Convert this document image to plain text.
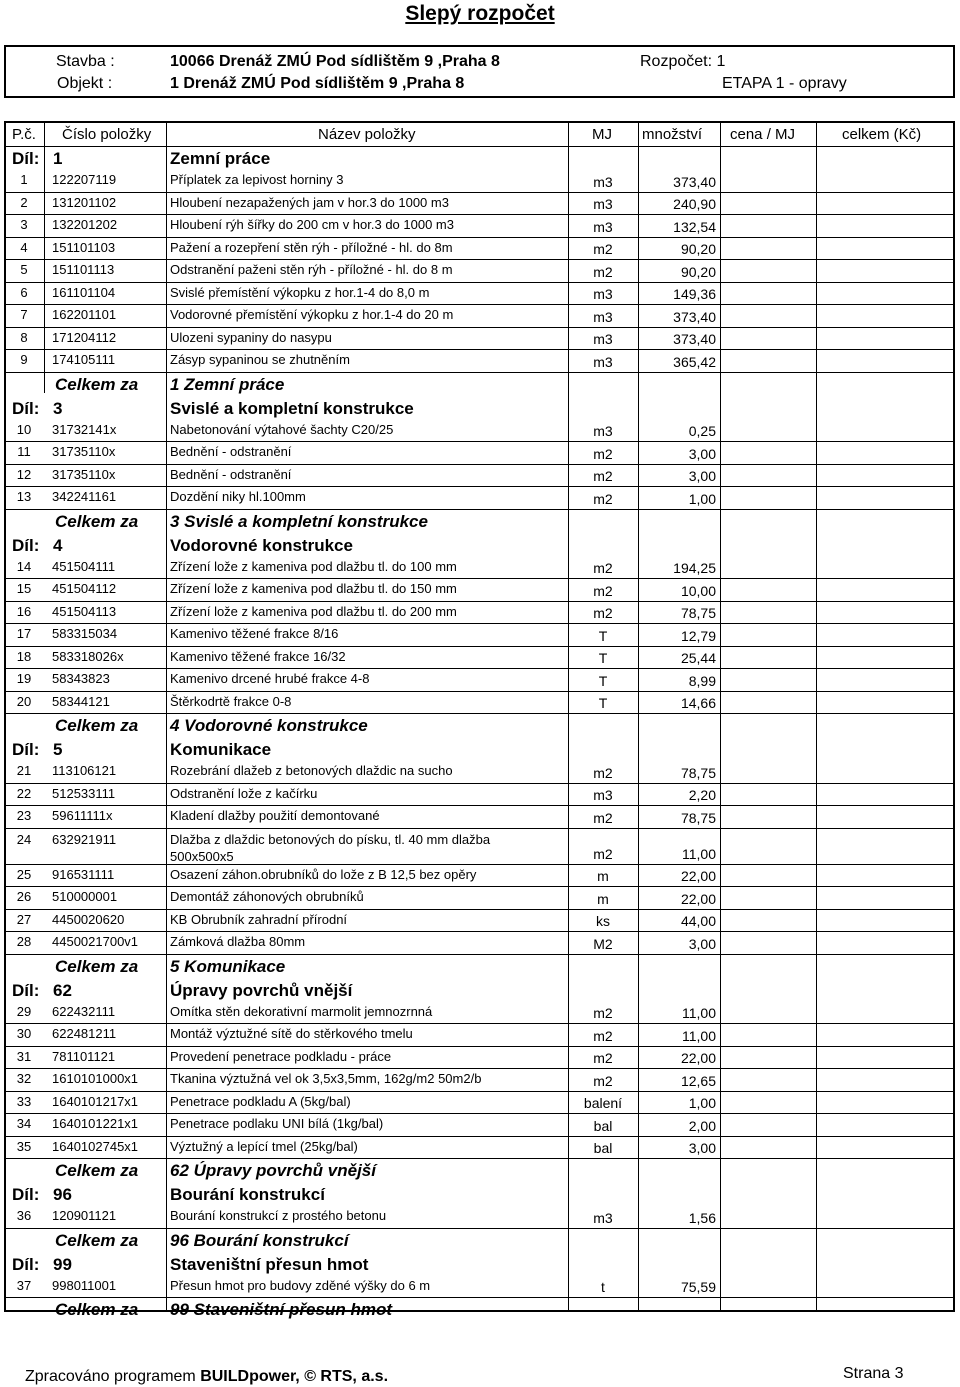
Slepý rozpočet
Stavba :	10066 Drenáž ZMÚ Pod sídlištěm 9 ,Praha 8
Objekt :	1 Drenáž ZMÚ Pod sídlištěm 9 ,Praha 8
Rozpočet: 1
ETAPA 1 - opravy
P.č. Číslo položky	Název položky	MJ množství cena / MJ	celkem (Kč)
Díl: 1	Zemní práce
1	122207119	Příplatek za lepivost horniny 3	m3	373,40
2	131201102	Hloubení nezapažených jam v hor.3 do 1000 m3	m3	240,90
3	132201202	Hloubení rýh šířky do 200 cm v hor.3 do 1000 m3	m3	132,54
4	151101103	Pažení a rozepření stěn rýh - příložné - hl. do 8m	m2	90,20
5	151101113	Odstranění paženi stěn rýh - příložné - hl. do 8 m	m2	90,20
6	161101104	Svislé přemístění výkopku z hor.1-4 do 8,0 m	m3	149,36
7	162201101	Vodorovné přemístění výkopku z hor.1-4 do 20 m	m3	373,40
8	171204112	Ulozeni sypaniny do nasypu	m3	373,40
9	174105111	Zásyp sypaninou se zhutněním	m3	365,42
Celkem za 1 Zemní práce
Díl: 3	Svislé a kompletní konstrukce
10	31732141x	Nabetonování výtahové šachty C20/25	m3	0,25
11	31735110x	Bednění - odstranění	m2	3,00
12	31735110x	Bednění - odstranění	m2	3,00
13	342241161	Dozdění niky hl.100mm	m2	1,00
Celkem za 3 Svislé a kompletní konstrukce
Díl: 4	Vodorovné konstrukce
14	451504111	Zřízení lože z kameniva pod dlažbu tl. do 100 mm	m2	194,25
15	451504112	Zřízení lože z kameniva pod dlažbu tl. do 150 mm	m2	10,00
16	451504113	Zřízení lože z kameniva pod dlažbu tl. do 200 mm	m2	78,75
17	583315034	Kamenivo těžené frakce 8/16	T	12,79
18	583318026x	Kamenivo těžené frakce 16/32	T	25,44
19	58343823	Kamenivo drcené hrubé frakce 4-8	T	8,99
20	58344121	Štěrkodrtě frakce 0-8	T	14,66
Celkem za 4 Vodorovné konstrukce
Díl: 5	Komunikace
21	113106121	Rozebrání dlažeb z betonových dlaždic na sucho	m2	78,75
22	512533111	Odstranění lože z kačírku	m3	2,20
23	59611111x	Kladení dlažby použití demontované	m2	78,75
24	632921911	Dlažba z dlaždic betonových do písku, tl. 40 mm dlažba
500x500x5	m2	11,00
25	916531111	Osazení záhon.obrubníků do lože z B 12,5 bez opěry	m	22,00
26	510000001	Demontáž záhonových obrubníků	m	22,00
27	4450020620	KB Obrubník zahradní přírodní	ks	44,00
28	4450021700v1 Zámková dlažba 80mm	M2	3,00
Celkem za 5 Komunikace
Díl: 62	Úpravy povrchů vnější
29	622432111	Omítka stěn dekorativní marmolit jemnozrnná	m2	11,00
30	622481211	Montáž výztužné sítě do stěrkového tmelu	m2	11,00
31	781101121	Provedení penetrace podkladu - práce	m2	22,00
32	1610101000x1 Tkanina výztužná vel ok 3,5x3,5mm, 162g/m2 50m2/b	m2	12,65
33	1640101217x1 Penetrace podkladu A (5kg/bal)	balení	1,00
34	1640101221x1 Penetrace podlaku UNI bílá (1kg/bal)	bal	2,00
35	1640102745x1 Výztužný a lepící tmel (25kg/bal)	bal	3,00
Celkem za 62 Úpravy povrchů vnější
Díl: 96	Bourání konstrukcí
36	120901121	Bourání konstrukcí z prostého betonu	m3	1,56
Celkem za 96 Bourání konstrukcí
Díl: 99	Staveništní přesun hmot
37	998011001	Přesun hmot pro budovy zděné výšky do 6 m	t	75,59
Celkem za 99 Staveništní přesun hmot
Zpracováno programem BUILDpower, © RTS, a.s.	Strana 3
